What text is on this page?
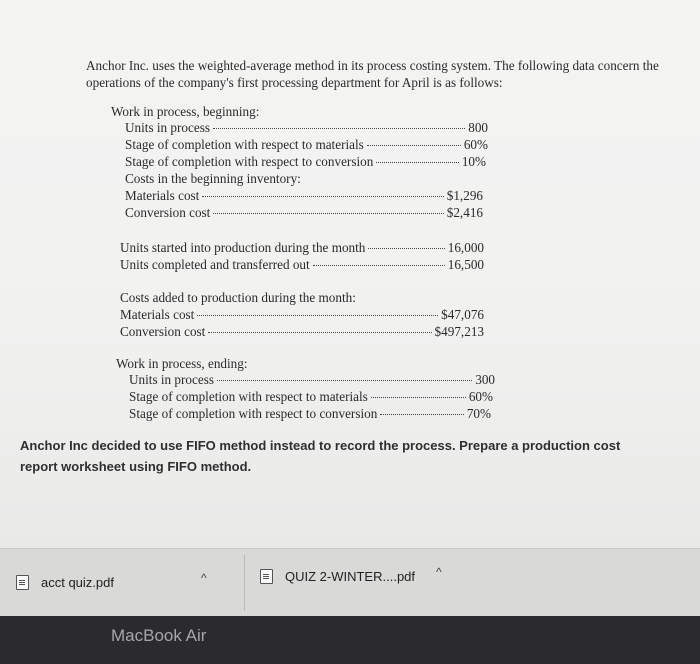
Anchor Inc. uses the weighted-average method in its process costing system. The following data concern the operations of the company's first processing department for April is as follows:
Work in process, beginning:
Units in process	800
Stage of completion with respect to materials	60%
Stage of completion with respect to conversion	10%
Costs in the beginning inventory:
Materials cost	$1,296
Conversion cost	$2,416
Units started into production during the month	16,000
Units completed and transferred out	16,500
Costs added to production during the month:
Materials cost	$47,076
Conversion cost	$497,213
Work in process, ending:
Units in process	300
Stage of completion with respect to materials	60%
Stage of completion with respect to conversion	70%
Anchor Inc decided to use FIFO method instead to record the process. Prepare a production cost report worksheet using FIFO method.
acct quiz.pdf	^	QUIZ 2-WINTER....pdf ^
MacBook Air
